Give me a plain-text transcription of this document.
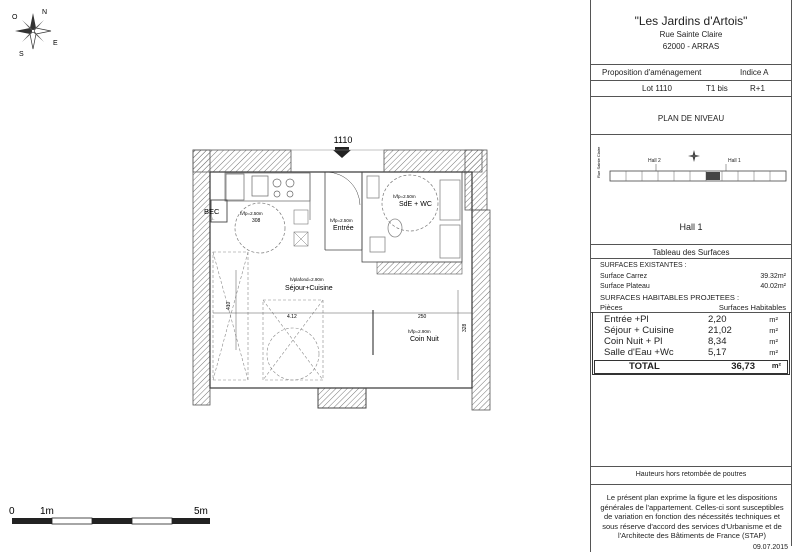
N
S
E
O
BEC
LL
h/fp=2.50m
308
1110
h/fp=2.50m
Entrée
h/fp=2.50m
SdE + WC
h/plafond=2.90m
Séjour+Cuisine
410
4.12	250
328
h/fp=2.90m
Coin Nuit
0	1m	5m
"Les Jardins d'Artois"
Rue Sainte Claire
62000 - ARRAS
Proposition d'aménagement	Indice A
Lot 1110	T1 bis	R+1
PLAN DE NIVEAU
Rue Sainte Claire	Hall 2	Hall 1
Hall 1
Tableau des Surfaces
SURFACES EXISTANTES :
Surface Carrez	39.32m²
Surface Plateau	40.02m²
SURFACES HABITABLES PROJETEES :
Pièces	Surfaces Habitables
Entrée +Pl	2,20	m²
Séjour + Cuisine	21,02	m²
Coin Nuit + Pl	8,34	m²
Salle d'Eau +Wc	5,17	m²
TOTAL	36,73 m²
Hauteurs hors retombée de poutres
Le présent plan exprime la figure et les dispositions générales de l'appartement. Celles-ci sont susceptibles de variation en fonction des nécessités techniques et sous réserve d'accord des services d'Urbanisme et de l'Architecte des Bâtiments de France (STAP)
09.07.2015
